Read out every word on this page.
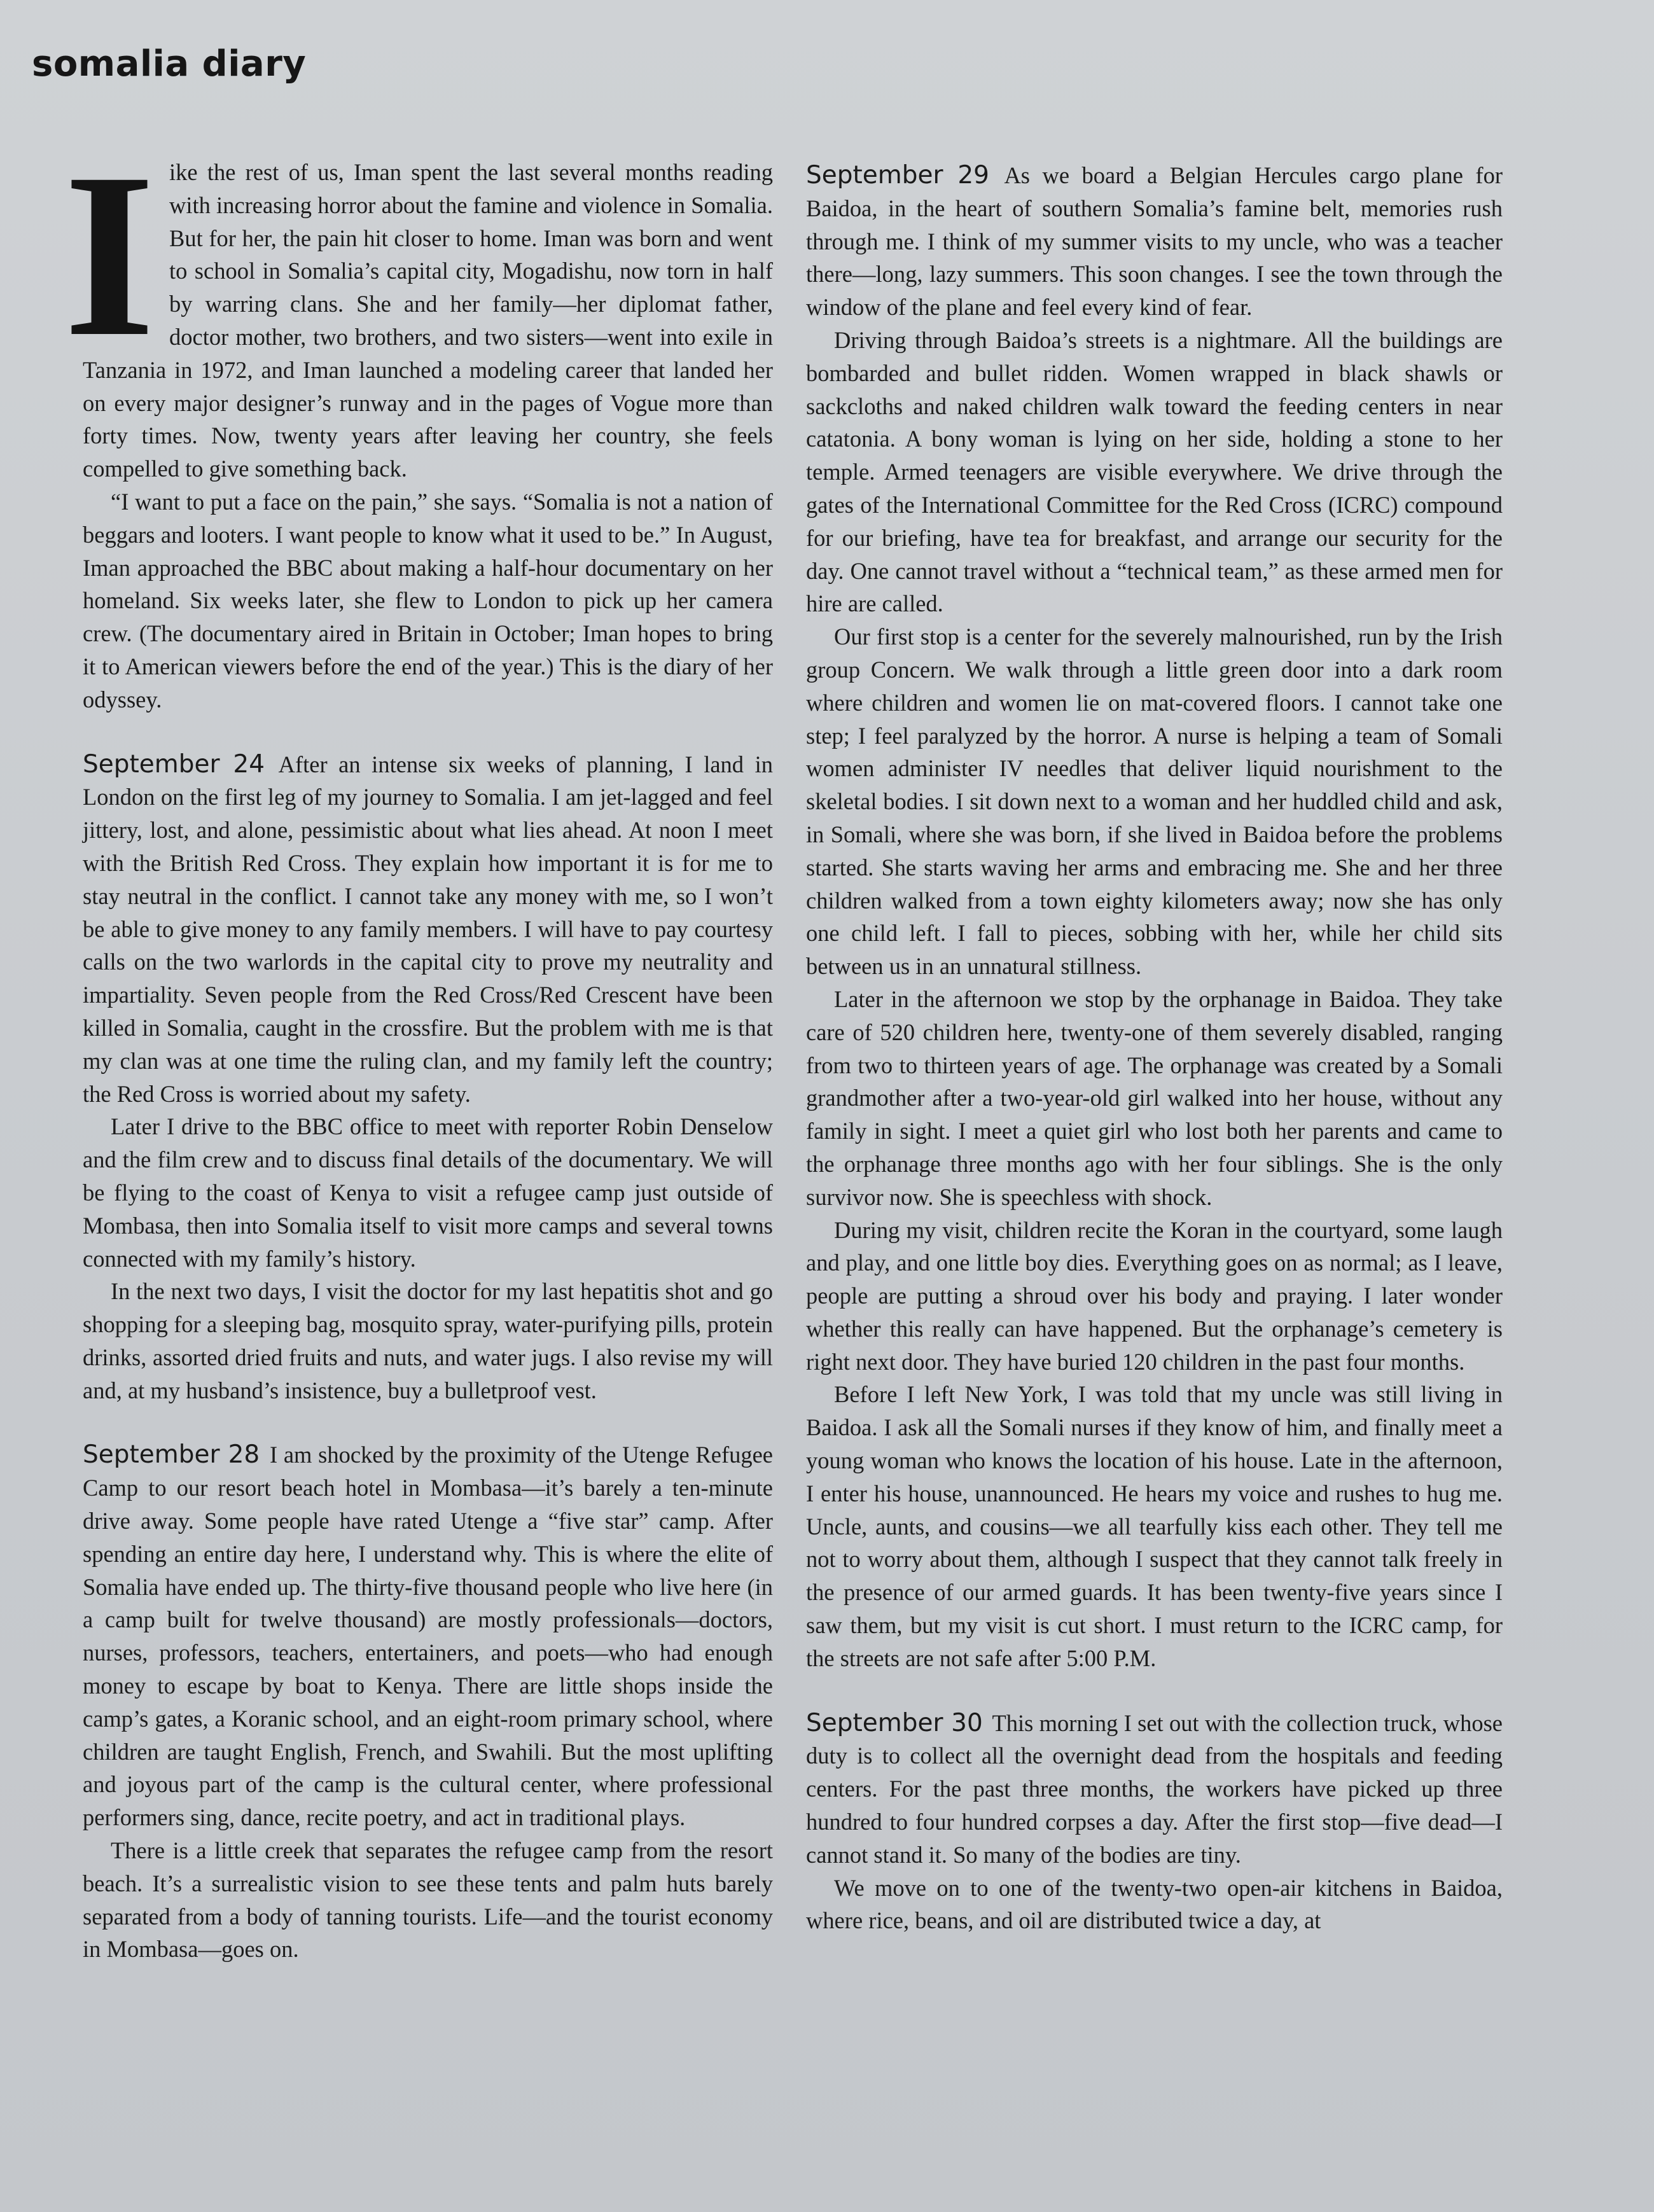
somalia diary

Iike the rest of us, Iman spent the last several months reading with increasing horror about the famine and violence in Somalia. But for her, the pain hit closer to home. Iman was born and went to school in Somalia’s capital city, Mogadishu, now torn in half by warring clans. She and her family—her diplomat father, doctor mother, two brothers, and two sisters—went into exile in Tanzania in 1972, and Iman launched a modeling career that landed her on every major designer’s runway and in the pages of Vogue more than forty times. Now, twenty years after leaving her country, she feels compelled to give something back.

“I want to put a face on the pain,” she says. “Somalia is not a nation of beggars and looters. I want people to know what it used to be.” In August, Iman approached the BBC about making a half-hour documentary on her homeland. Six weeks later, she flew to London to pick up her camera crew. (The documentary aired in Britain in October; Iman hopes to bring it to American viewers before the end of the year.) This is the diary of her odyssey.

September 24 After an intense six weeks of planning, I land in London on the first leg of my journey to Somalia. I am jet-lagged and feel jittery, lost, and alone, pessimistic about what lies ahead. At noon I meet with the British Red Cross. They explain how important it is for me to stay neutral in the conflict. I cannot take any money with me, so I won’t be able to give money to any family members. I will have to pay courtesy calls on the two warlords in the capital city to prove my neutrality and impartiality. Seven people from the Red Cross/Red Crescent have been killed in Somalia, caught in the crossfire. But the problem with me is that my clan was at one time the ruling clan, and my family left the country; the Red Cross is worried about my safety.

Later I drive to the BBC office to meet with reporter Robin Denselow and the film crew and to discuss final details of the documentary. We will be flying to the coast of Kenya to visit a refugee camp just outside of Mombasa, then into Somalia itself to visit more camps and several towns connected with my family’s history.

In the next two days, I visit the doctor for my last hepatitis shot and go shopping for a sleeping bag, mosquito spray, water-purifying pills, protein drinks, assorted dried fruits and nuts, and water jugs. I also revise my will and, at my husband’s insistence, buy a bulletproof vest.

September 28 I am shocked by the proximity of the Utenge Refugee Camp to our resort beach hotel in Mombasa—it’s barely a ten-minute drive away. Some people have rated Utenge a “five star” camp. After spending an entire day here, I understand why. This is where the elite of Somalia have ended up. The thirty-five thousand people who live here (in a camp built for twelve thousand) are mostly professionals—doctors, nurses, professors, teachers, entertainers, and poets—who had enough money to escape by boat to Kenya. There are little shops inside the camp’s gates, a Koranic school, and an eight-room primary school, where children are taught English, French, and Swahili. But the most uplifting and joyous part of the camp is the cultural center, where professional performers sing, dance, recite poetry, and act in traditional plays.

There is a little creek that separates the refugee camp from the resort beach. It’s a surrealistic vision to see these tents and palm huts barely separated from a body of tanning tourists. Life—and the tourist economy in Mombasa—goes on.

September 29 As we board a Belgian Hercules cargo plane for Baidoa, in the heart of southern Somalia’s famine belt, memories rush through me. I think of my summer visits to my uncle, who was a teacher there—long, lazy summers. This soon changes. I see the town through the window of the plane and feel every kind of fear.

Driving through Baidoa’s streets is a nightmare. All the buildings are bombarded and bullet ridden. Women wrapped in black shawls or sackcloths and naked children walk toward the feeding centers in near catatonia. A bony woman is lying on her side, holding a stone to her temple. Armed teenagers are visible everywhere. We drive through the gates of the International Committee for the Red Cross (ICRC) compound for our briefing, have tea for breakfast, and arrange our security for the day. One cannot travel without a “technical team,” as these armed men for hire are called.

Our first stop is a center for the severely malnourished, run by the Irish group Concern. We walk through a little green door into a dark room where children and women lie on mat-covered floors. I cannot take one step; I feel paralyzed by the horror. A nurse is helping a team of Somali women administer IV needles that deliver liquid nourishment to the skeletal bodies. I sit down next to a woman and her huddled child and ask, in Somali, where she was born, if she lived in Baidoa before the problems started. She starts waving her arms and embracing me. She and her three children walked from a town eighty kilometers away; now she has only one child left. I fall to pieces, sobbing with her, while her child sits between us in an unnatural stillness.

Later in the afternoon we stop by the orphanage in Baidoa. They take care of 520 children here, twenty-one of them severely disabled, ranging from two to thirteen years of age. The orphanage was created by a Somali grandmother after a two-year-old girl walked into her house, without any family in sight. I meet a quiet girl who lost both her parents and came to the orphanage three months ago with her four siblings. She is the only survivor now. She is speechless with shock.

During my visit, children recite the Koran in the courtyard, some laugh and play, and one little boy dies. Everything goes on as normal; as I leave, people are putting a shroud over his body and praying. I later wonder whether this really can have happened. But the orphanage’s cemetery is right next door. They have buried 120 children in the past four months.

Before I left New York, I was told that my uncle was still living in Baidoa. I ask all the Somali nurses if they know of him, and finally meet a young woman who knows the location of his house. Late in the afternoon, I enter his house, unannounced. He hears my voice and rushes to hug me. Uncle, aunts, and cousins—we all tearfully kiss each other. They tell me not to worry about them, although I suspect that they cannot talk freely in the presence of our armed guards. It has been twenty-five years since I saw them, but my visit is cut short. I must return to the ICRC camp, for the streets are not safe after 5:00 P.M.

September 30 This morning I set out with the collection truck, whose duty is to collect all the overnight dead from the hospitals and feeding centers. For the past three months, the workers have picked up three hundred to four hundred corpses a day. After the first stop—five dead—I cannot stand it. So many of the bodies are tiny.

We move on to one of the twenty-two open-air kitchens in Baidoa, where rice, beans, and oil are distributed twice a day, at
